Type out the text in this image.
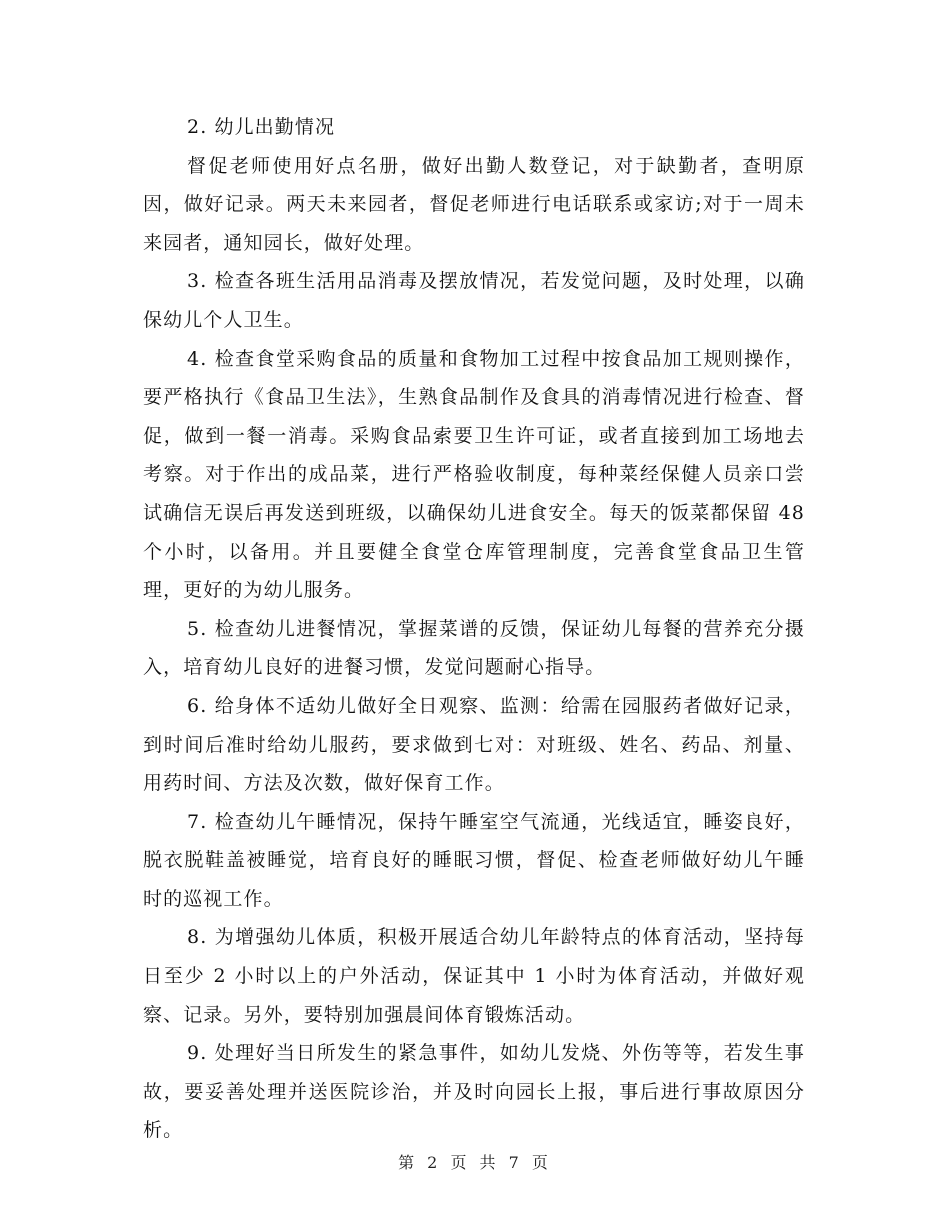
2. 幼儿出勤情况

督促老师使用好点名册，做好出勤人数登记，对于缺勤者，查明原因，做好记录。两天未来园者，督促老师进行电话联系或家访;对于一周未来园者，通知园长，做好处理。

3. 检查各班生活用品消毒及摆放情况，若发觉问题，及时处理，以确保幼儿个人卫生。

4. 检查食堂采购食品的质量和食物加工过程中按食品加工规则操作，要严格执行《食品卫生法》，生熟食品制作及食具的消毒情况进行检查、督促，做到一餐一消毒。采购食品索要卫生许可证，或者直接到加工场地去考察。对于作出的成品菜，进行严格验收制度，每种菜经保健人员亲口尝试确信无误后再发送到班级，以确保幼儿进食安全。每天的饭菜都保留 48 个小时，以备用。并且要健全食堂仓库管理制度，完善食堂食品卫生管理，更好的为幼儿服务。

5. 检查幼儿进餐情况，掌握菜谱的反馈，保证幼儿每餐的营养充分摄入，培育幼儿良好的进餐习惯，发觉问题耐心指导。

6. 给身体不适幼儿做好全日观察、监测：给需在园服药者做好记录，到时间后准时给幼儿服药，要求做到七对：对班级、姓名、药品、剂量、用药时间、方法及次数，做好保育工作。

7. 检查幼儿午睡情况，保持午睡室空气流通，光线适宜，睡姿良好，脱衣脱鞋盖被睡觉，培育良好的睡眠习惯，督促、检查老师做好幼儿午睡时的巡视工作。

8. 为增强幼儿体质，积极开展适合幼儿年龄特点的体育活动，坚持每日至少 2 小时以上的户外活动，保证其中 1 小时为体育活动，并做好观察、记录。另外，要特别加强晨间体育锻炼活动。

9. 处理好当日所发生的紧急事件，如幼儿发烧、外伤等等，若发生事故，要妥善处理并送医院诊治，并及时向园长上报，事后进行事故原因分析。

第 2 页 共 7 页
